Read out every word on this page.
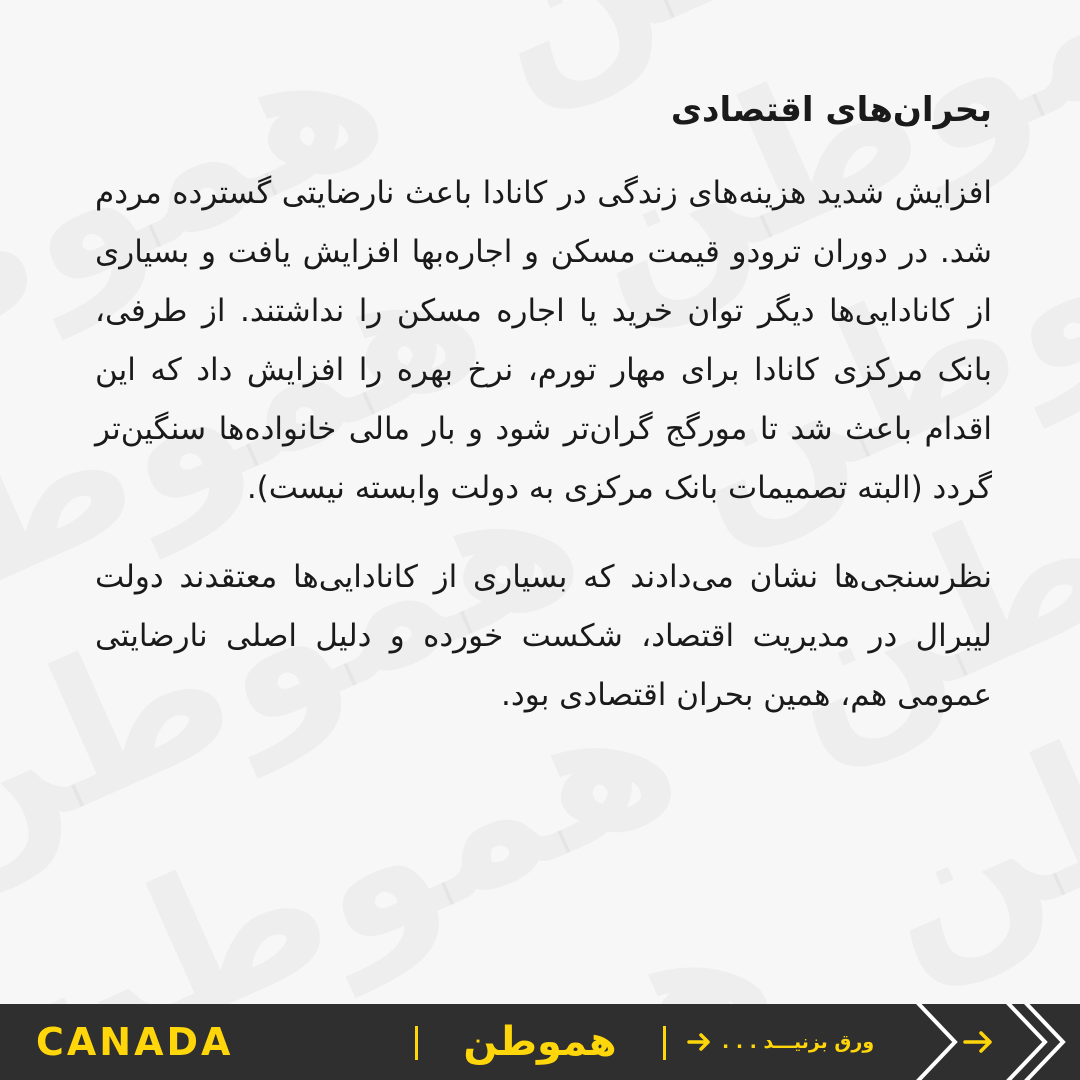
بحران‌های اقتصادی

افزایش شدید هزینه‌های زندگی در کانادا باعث نارضایتی گسترده مردم شد. در دوران ترودو قیمت مسکن و اجاره‌بها افزایش یافت و بسیاری از کانادایی‌ها دیگر توان خرید یا اجاره مسکن را نداشتند. از طرفی، بانک مرکزی کانادا برای مهار تورم، نرخ بهره را افزایش داد که این اقدام باعث شد تا مورگج گران‌تر شود و بار مالی خانواده‌ها سنگین‌تر گردد (البته تصمیمات بانک مرکزی به دولت وابسته نیست).

نظرسنجی‌ها نشان می‌دادند که بسیاری از کانادایی‌ها معتقدند دولت لیبرال در مدیریت اقتصاد، شکست خورده و دلیل اصلی نارضایتی عمومی هم، همین بحران اقتصادی بود.

CANADA	هموطن	ورق بزنیـــد . . .
